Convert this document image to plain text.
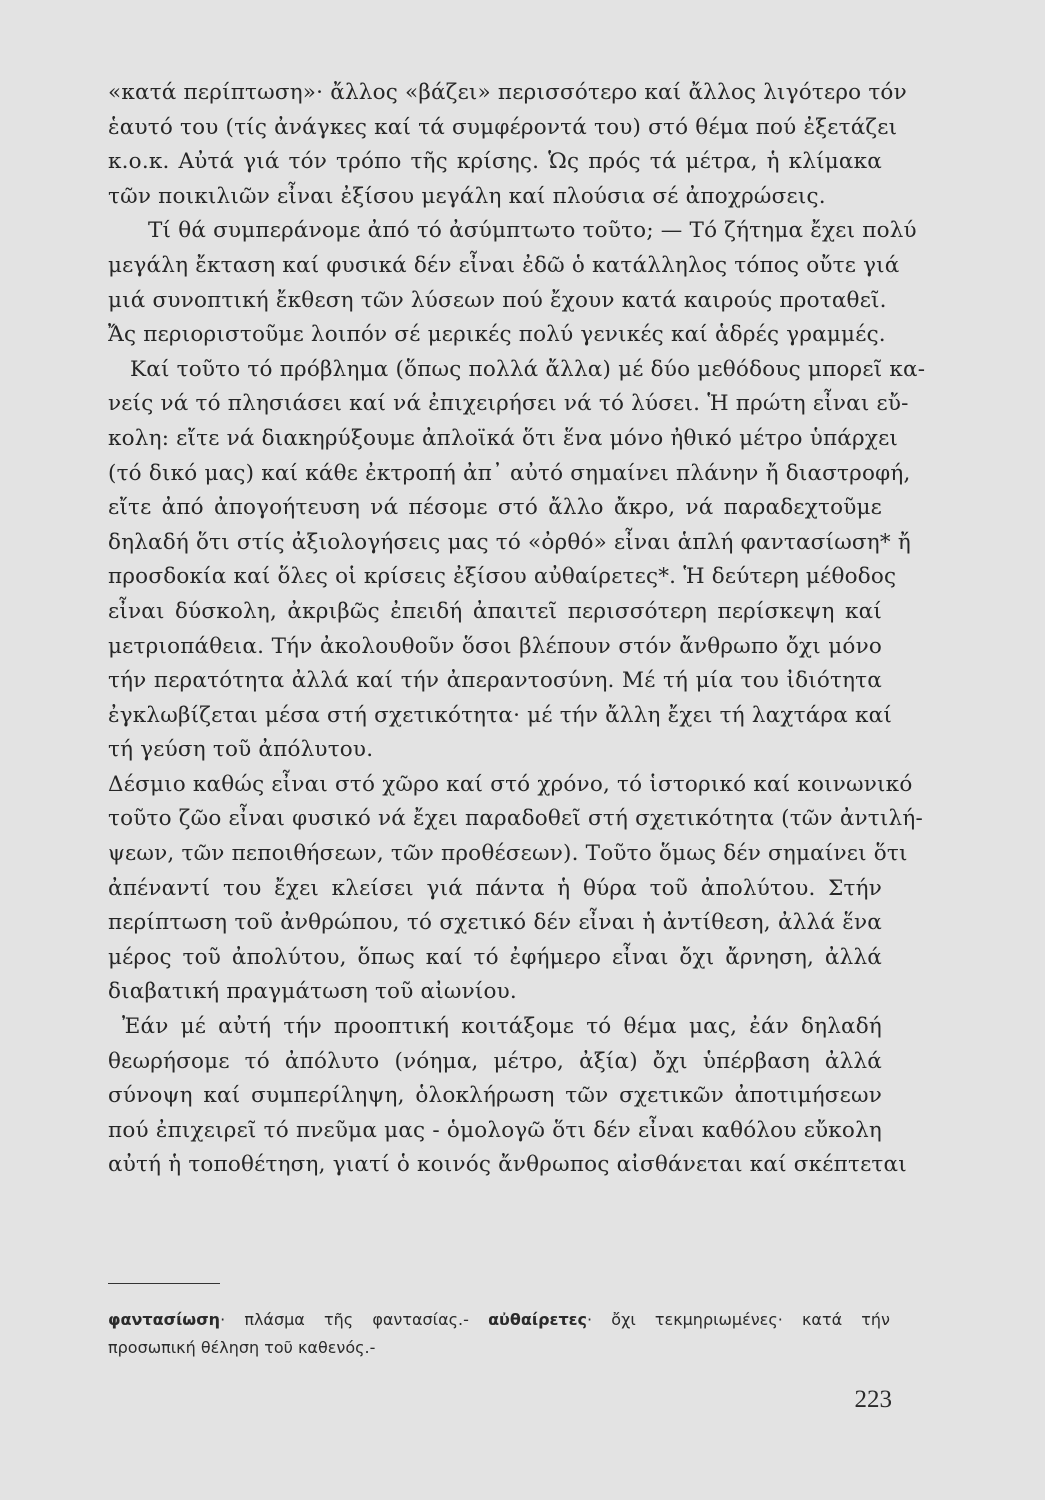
«κατά περίπτωση»· ἄλλος «βάζει» περισσότερο καί ἄλλος λιγότερο τόν
ἑαυτό του (τίς ἀνάγκες καί τά συμφέροντά του) στό θέμα πού ἐξετάζει
κ.ο.κ. Αὐτά γιά τόν τρόπο τῆς κρίσης. Ὡς πρός τά μέτρα, ἡ κλίμακα
τῶν ποικιλιῶν εἶναι ἐξίσου μεγάλη καί πλούσια σέ ἀποχρώσεις.
Τί θά συμπεράνομε ἀπό τό ἀσύμπτωτο τοῦτο; — Τό ζήτημα ἔχει πολύ
μεγάλη ἔκταση καί φυσικά δέν εἶναι ἐδῶ ὁ κατάλληλος τόπος οὔτε γιά
μιά συνοπτική ἔκθεση τῶν λύσεων πού ἔχουν κατά καιρούς προταθεῖ.
Ἄς περιοριστοῦμε λοιπόν σέ μερικές πολύ γενικές καί ἁδρές γραμμές.
Καί τοῦτο τό πρόβλημα (ὅπως πολλά ἄλλα) μέ δύο μεθόδους μπορεῖ κα-
νείς νά τό πλησιάσει καί νά ἐπιχειρήσει νά τό λύσει. Ἡ πρώτη εἶναι εὔ-
κολη: εἴτε νά διακηρύξουμε ἀπλοϊκά ὅτι ἕνα μόνο ἠθικό μέτρο ὑπάρχει
(τό δικό μας) καί κάθε ἐκτροπή ἀπ᾿ αὐτό σημαίνει πλάνην ἤ διαστροφή,
εἴτε ἀπό ἀπογοήτευση νά πέσομε στό ἄλλο ἄκρο, νά παραδεχτοῦμε
δηλαδή ὅτι στίς ἀξιολογήσεις μας τό «ὀρθό» εἶναι ἁπλή φαντασίωση* ἤ
προσδοκία καί ὅλες οἱ κρίσεις ἐξίσου αὐθαίρετες*. Ἡ δεύτερη μέθοδος
εἶναι δύσκολη, ἀκριβῶς ἐπειδή ἀπαιτεῖ περισσότερη περίσκεψη καί
μετριοπάθεια. Τήν ἀκολουθοῦν ὅσοι βλέπουν στόν ἄνθρωπο ὄχι μόνο
τήν περατότητα ἀλλά καί τήν ἀπεραντοσύνη. Μέ τή μία του ἰδιότητα
ἐγκλωβίζεται μέσα στή σχετικότητα· μέ τήν ἄλλη ἔχει τή λαχτάρα καί
τή γεύση τοῦ ἀπόλυτου.
Δέσμιο καθώς εἶναι στό χῶρο καί στό χρόνο, τό ἱστορικό καί κοινωνικό
τοῦτο ζῶο εἶναι φυσικό νά ἔχει παραδοθεῖ στή σχετικότητα (τῶν ἀντιλή-
ψεων, τῶν πεποιθήσεων, τῶν προθέσεων). Τοῦτο ὅμως δέν σημαίνει ὅτι
ἀπέναντί του ἔχει κλείσει γιά πάντα ἡ θύρα τοῦ ἀπολύτου. Στήν
περίπτωση τοῦ ἀνθρώπου, τό σχετικό δέν εἶναι ἡ ἀντίθεση, ἀλλά ἕνα
μέρος τοῦ ἀπολύτου, ὅπως καί τό ἐφήμερο εἶναι ὄχι ἄρνηση, ἀλλά
διαβατική πραγμάτωση τοῦ αἰωνίου.
Ἐάν μέ αὐτή τήν προοπτική κοιτάξομε τό θέμα μας, ἐάν δηλαδή
θεωρήσομε τό ἀπόλυτο (νόημα, μέτρο, ἀξία) ὄχι ὑπέρβαση ἀλλά
σύνοψη καί συμπερίληψη, ὁλοκλήρωση τῶν σχετικῶν ἀποτιμήσεων
πού ἐπιχειρεῖ τό πνεῦμα μας - ὁμολογῶ ὅτι δέν εἶναι καθόλου εὔκολη
αὐτή ἡ τοποθέτηση, γιατί ὁ κοινός ἄνθρωπος αἰσθάνεται καί σκέπτεται
φαντασίωση· πλάσμα τῆς φαντασίας.- αὐθαίρετες· ὄχι τεκμηριωμένες· κατά τήν
προσωπική θέληση τοῦ καθενός.-
223
